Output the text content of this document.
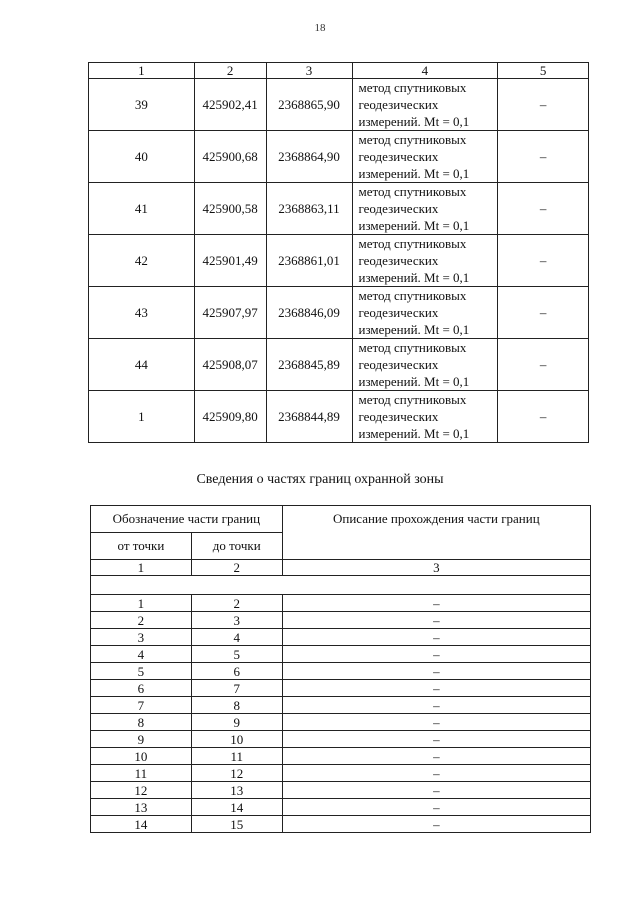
18
1	2	3	4	5
39	425902,41	2368865,90	метод спутниковых
геодезических
измерений. Mt = 0,1	–
40	425900,68	2368864,90	метод спутниковых
геодезических
измерений. Mt = 0,1	–
41	425900,58	2368863,11	метод спутниковых
геодезических
измерений. Mt = 0,1	–
42	425901,49	2368861,01	метод спутниковых
геодезических
измерений. Mt = 0,1	–
43	425907,97	2368846,09	метод спутниковых
геодезических
измерений. Mt = 0,1	–
44	425908,07	2368845,89	метод спутниковых
геодезических
измерений. Mt = 0,1	–
1	425909,80	2368844,89	метод спутниковых
геодезических
измерений. Mt = 0,1	–
Сведения о частях границ охранной зоны
Обозначение части границ		Описание прохождения части границ
от точки	до точки	
1	2	3

1	2	–
2	3	–
3	4	–
4	5	–
5	6	–
6	7	–
7	8	–
8	9	–
9	10	–
10	11	–
11	12	–
12	13	–
13	14	–
14	15	–
